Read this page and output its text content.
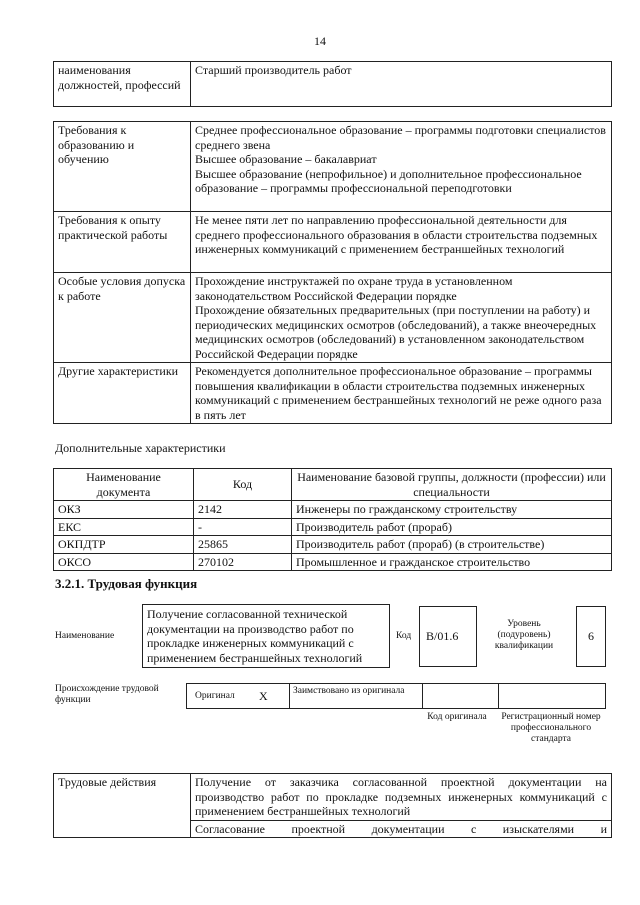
14
наименования должностей, профессий	Старший производитель работ
Требования к образованию и обучению	Среднее профессиональное образование – программы подготовки специалистов среднего звена
Высшее образование – бакалавриат
Высшее образование (непрофильное) и дополнительное профессиональное образование – программы профессиональной переподготовки

Требования к опыту практической работы	Не менее пяти лет по направлению профессиональной деятельности для среднего профессионального образования в области строительства подземных инженерных коммуникаций с применением бестраншейных технологий

Особые условия допуска к работе	Прохождение инструктажей по охране труда в установленном законодательством Российской Федерации порядке
Прохождение обязательных предварительных (при поступлении на работу) и периодических медицинских осмотров (обследований), а также внеочередных медицинских осмотров (обследований) в установленном законодательством Российской Федерации порядке

Другие характеристики	Рекомендуется дополнительное профессиональное образование – программы повышения квалификации в области строительства подземных инженерных коммуникаций с применением бестраншейных технологий не реже одного раза в пять лет
Дополнительные характеристики
Наименование документа	Код	Наименование базовой группы, должности (профессии) или специальности
ОКЗ	2142	Инженеры по гражданскому строительству
ЕКС	-	Производитель работ (прораб)
ОКПДТР	25865	Производитель работ (прораб) (в строительстве)
ОКСО	270102	Промышленное и гражданское строительство
3.2.1. Трудовая функция
Наименование
Получение согласованной технической документации на производство работ по прокладке инженерных коммуникаций с применением бестраншейных технологий
Код	B/01.6
Уровень (подуровень) квалификации
6
Происхождение трудовой функции	Оригинал X	Заимствовано из оригинала
Код оригинала	Регистрационный номер профессионального стандарта
Трудовые действия	Получение от заказчика согласованной проектной документации на производство работ по прокладке подземных инженерных коммуникаций с применением бестраншейных технологий
Согласование проектной документации с изыскателями и
